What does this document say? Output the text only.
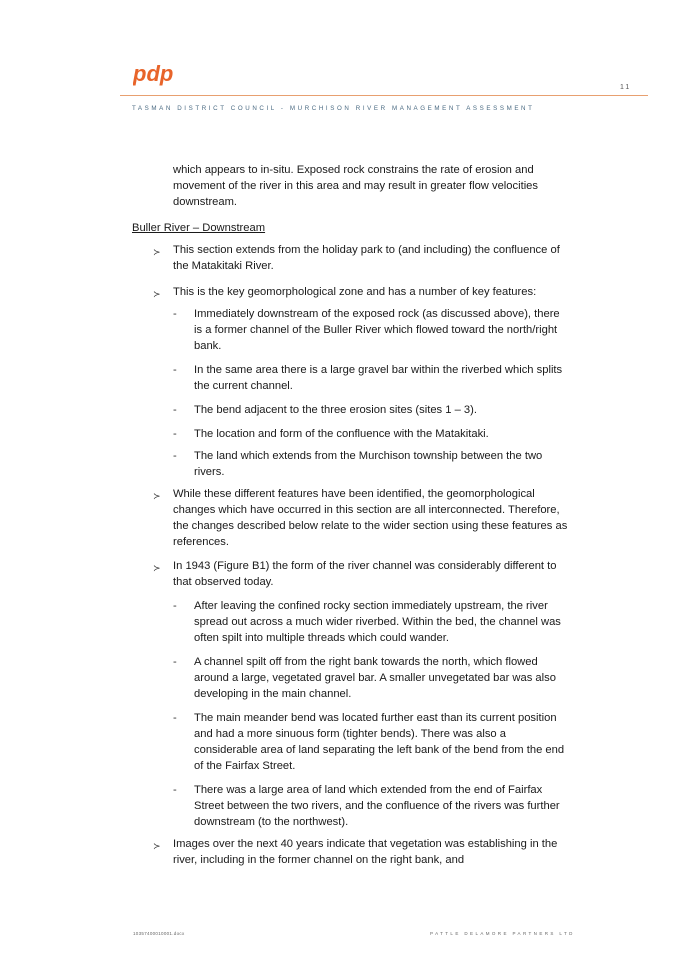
pdp
11
TASMAN DISTRICT COUNCIL - MURCHISON RIVER MANAGEMENT ASSESSMENT

which appears to in-situ. Exposed rock constrains the rate of erosion and movement of the river in this area and may result in greater flow velocities downstream.

Buller River – Downstream

≻ This section extends from the holiday park to (and including) the confluence of the Matakitaki River.

≻ This is the key geomorphological zone and has a number of key features:

- Immediately downstream of the exposed rock (as discussed above), there is a former channel of the Buller River which flowed toward the north/right bank.

- In the same area there is a large gravel bar within the riverbed which splits the current channel.

- The bend adjacent to the three erosion sites (sites 1 – 3).

- The location and form of the confluence with the Matakitaki.

- The land which extends from the Murchison township between the two rivers.

≻ While these different features have been identified, the geomorphological changes which have occurred in this section are all interconnected. Therefore, the changes described below relate to the wider section using these features as references.

≻ In 1943 (Figure B1) the form of the river channel was considerably different to that observed today.

- After leaving the confined rocky section immediately upstream, the river spread out across a much wider riverbed. Within the bed, the channel was often spilt into multiple threads which could wander.

- A channel spilt off from the right bank towards the north, which flowed around a large, vegetated gravel bar. A smaller unvegetated bar was also developing in the main channel.

- The main meander bend was located further east than its current position and had a more sinuous form (tighter bends). There was also a considerable area of land separating the left bank of the bend from the end of the Fairfax Street.

- There was a large area of land which extended from the end of Fairfax Street between the two rivers, and the confluence of the rivers was further downstream (to the northwest).

≻ Images over the next 40 years indicate that vegetation was establishing in the river, including in the former channel on the right bank, and

10357400010001.docx	PATTLE DELAMORE PARTNERS LTD
